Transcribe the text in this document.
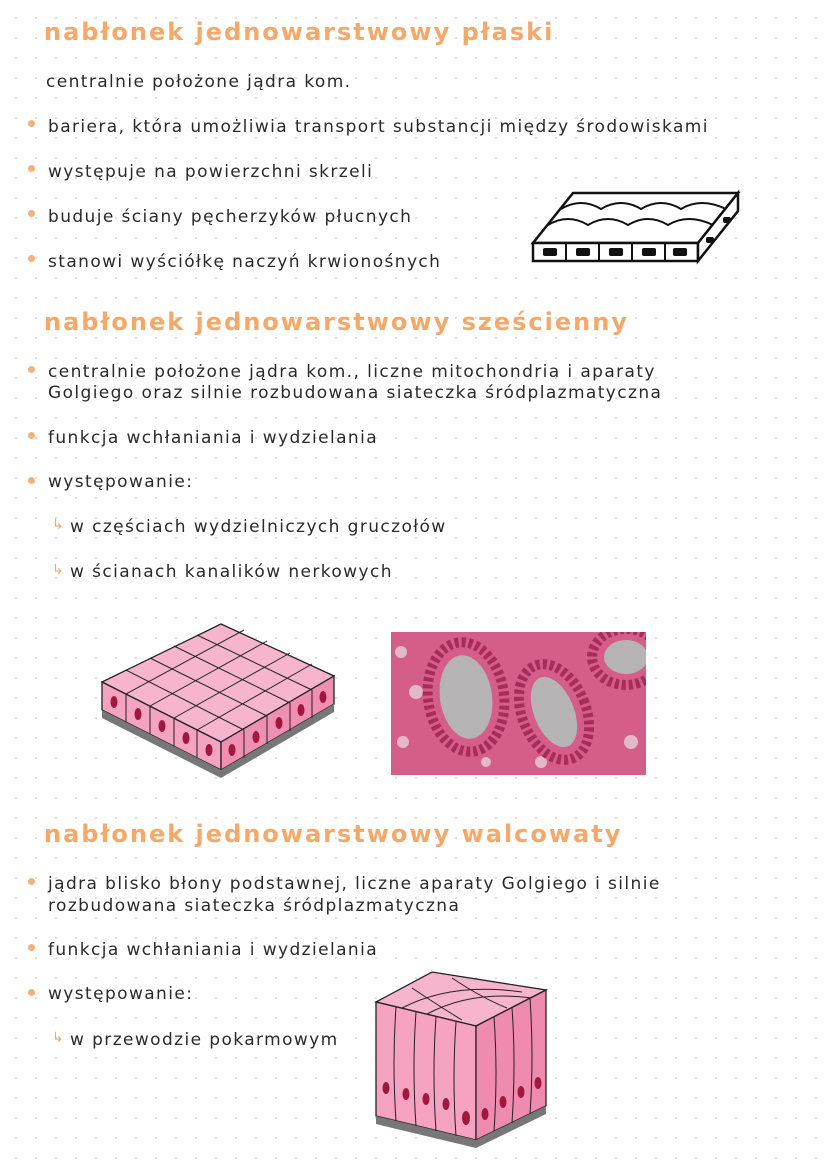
nabłonek jednowarstwowy płaski

centralnie położone jądra kom.

bariera, która umożliwia transport substancji między środowiskami

występuje na powierzchni skrzeli

buduje ściany pęcherzyków płucnych

stanowi wyściółkę naczyń krwionośnych

nabłonek jednowarstwowy sześcienny

centralnie położone jądra kom., liczne mitochondria i aparaty

Golgiego oraz silnie rozbudowana siateczka śródplazmatyczna

funkcja wchłaniania i wydzielania

występowanie:

↳ w częściach wydzielniczych gruczołów

↳ w ścianach kanalików nerkowych

nabłonek jednowarstwowy walcowaty

jądra blisko błony podstawnej, liczne aparaty Golgiego i silnie

rozbudowana siateczka śródplazmatyczna

funkcja wchłaniania i wydzielania

występowanie:

↳ w przewodzie pokarmowym
